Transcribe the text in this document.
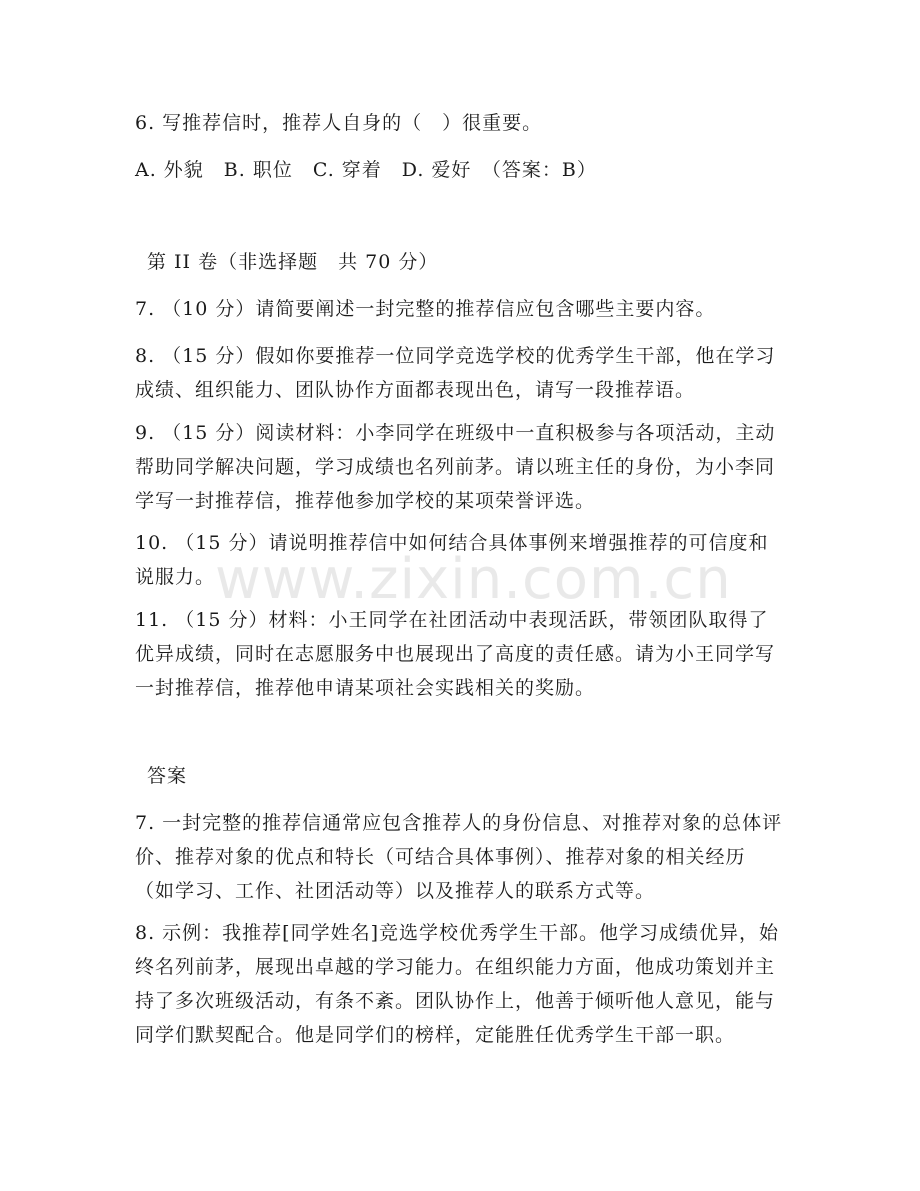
6. 写推荐信时，推荐人自身的（　）很重要。
A. 外貌　B. 职位　C. 穿着　D. 爱好　（答案：B）
第 II 卷（非选择题　共 70 分）
7. （10 分）请简要阐述一封完整的推荐信应包含哪些主要内容。
8. （15 分）假如你要推荐一位同学竞选学校的优秀学生干部，他在学习成绩、组织能力、团队协作方面都表现出色，请写一段推荐语。
9. （15 分）阅读材料：小李同学在班级中一直积极参与各项活动，主动帮助同学解决问题，学习成绩也名列前茅。请以班主任的身份，为小李同学写一封推荐信，推荐他参加学校的某项荣誉评选。
10. （15 分）请说明推荐信中如何结合具体事例来增强推荐的可信度和说服力。
11. （15 分）材料：小王同学在社团活动中表现活跃，带领团队取得了优异成绩，同时在志愿服务中也展现出了高度的责任感。请为小王同学写一封推荐信，推荐他申请某项社会实践相关的奖励。
答案
7. 一封完整的推荐信通常应包含推荐人的身份信息、对推荐对象的总体评价、推荐对象的优点和特长（可结合具体事例）、推荐对象的相关经历（如学习、工作、社团活动等）以及推荐人的联系方式等。
8. 示例：我推荐[同学姓名]竞选学校优秀学生干部。他学习成绩优异，始终名列前茅，展现出卓越的学习能力。在组织能力方面，他成功策划并主持了多次班级活动，有条不紊。团队协作上，他善于倾听他人意见，能与同学们默契配合。他是同学们的榜样，定能胜任优秀学生干部一职。
www.zixin.com.cn
